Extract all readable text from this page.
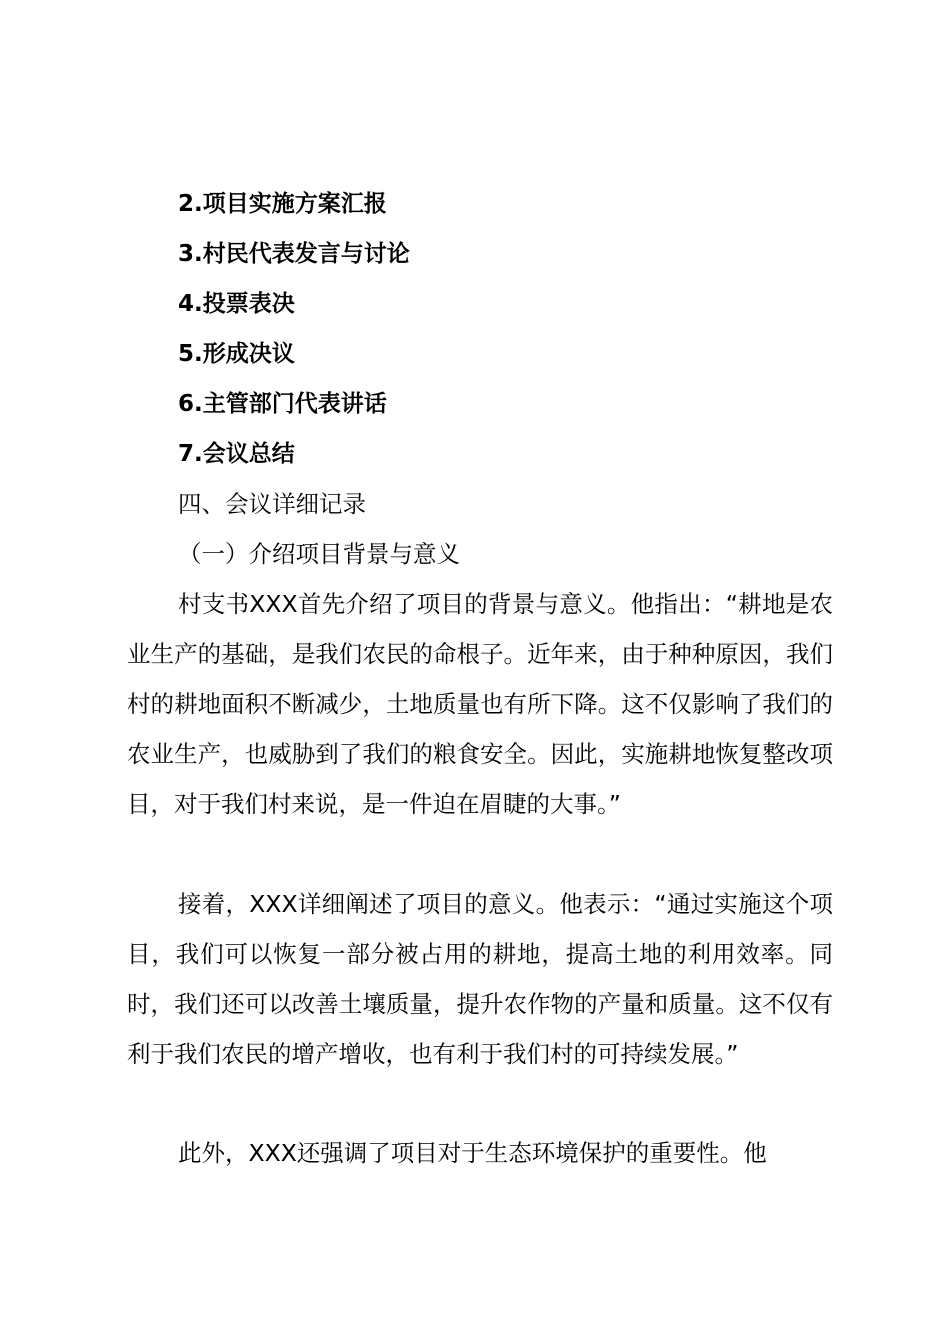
2.项目实施方案汇报
3.村民代表发言与讨论
4.投票表决
5.形成决议
6.主管部门代表讲话
7.会议总结
四、会议详细记录
（一）介绍项目背景与意义
村支书XXX首先介绍了项目的背景与意义。他指出：“耕地是农业生产的基础，是我们农民的命根子。近年来，由于种种原因，我们村的耕地面积不断减少，土地质量也有所下降。这不仅影响了我们的农业生产，也威胁到了我们的粮食安全。因此，实施耕地恢复整改项目，对于我们村来说，是一件迫在眉睫的大事。”
接着，XXX详细阐述了项目的意义。他表示：“通过实施这个项目，我们可以恢复一部分被占用的耕地，提高土地的利用效率。同时，我们还可以改善土壤质量，提升农作物的产量和质量。这不仅有利于我们农民的增产增收，也有利于我们村的可持续发展。”
此外，XXX还强调了项目对于生态环境保护的重要性。他
